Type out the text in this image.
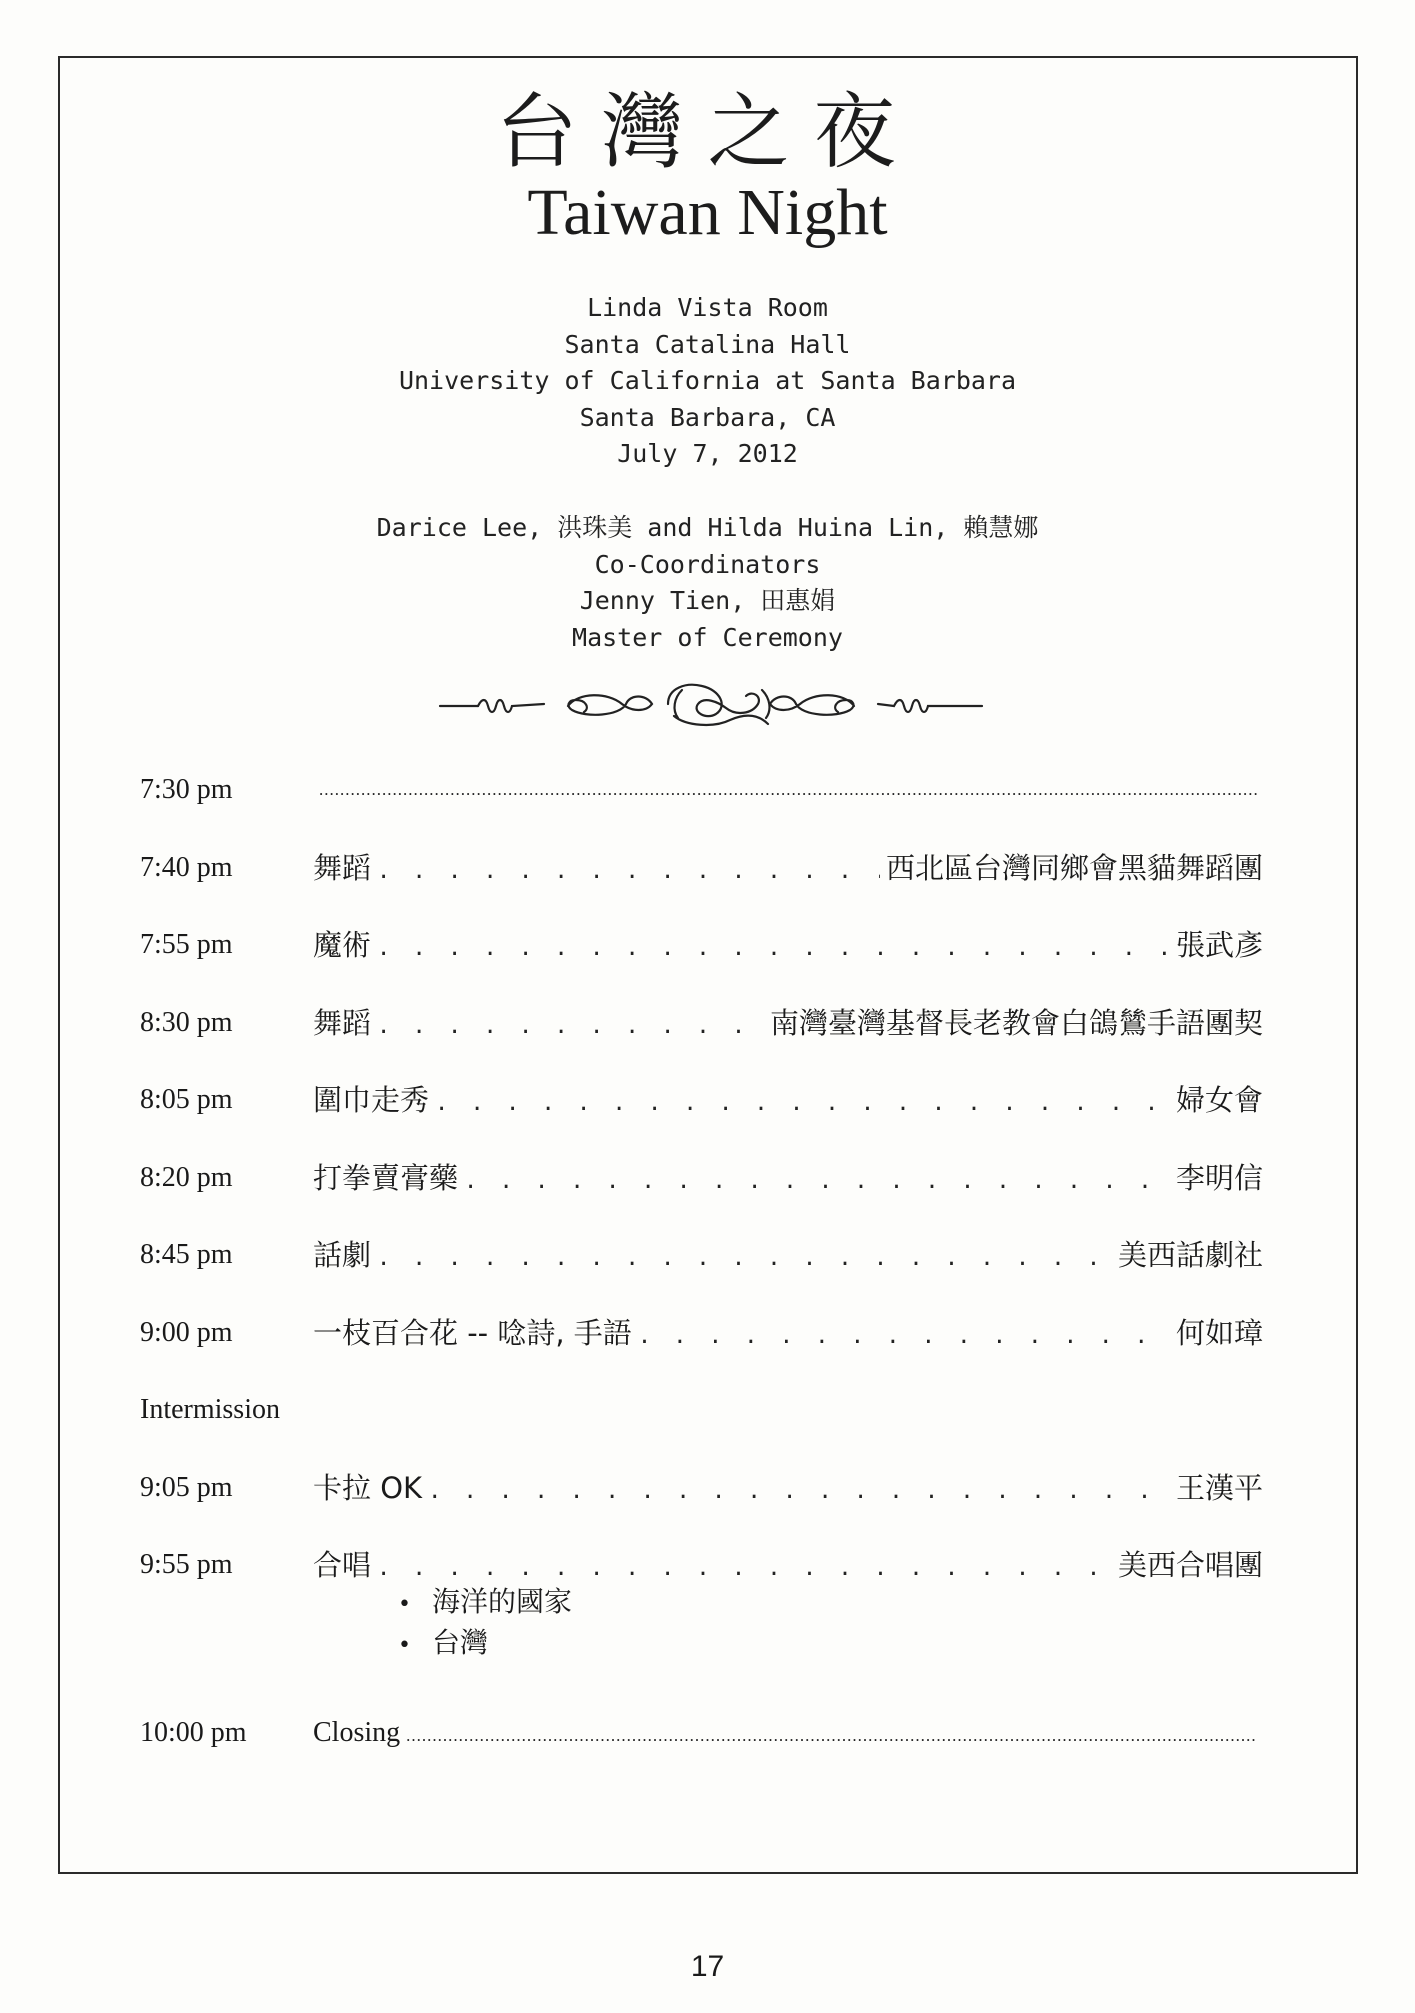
台灣之夜
Taiwan Night
Linda Vista Room
Santa Catalina Hall
University of California at Santa Barbara
Santa Barbara, CA
July 7, 2012
Darice Lee, 洪珠美 and Hilda Huina Lin, 賴慧娜
Co-Coordinators
Jenny Tien, 田惠娟
Master of Ceremony
7:30 pm
.....
7:40 pm	舞蹈 . . .	西北區台灣同鄉會黑貓舞蹈團
7:55 pm	魔術 . . .	張武彥
8:30 pm	舞蹈 . . .	南灣臺灣基督長老教會白鴿鷥手語團契
8:05 pm	圍巾走秀 . . .	婦女會
8:20 pm	打拳賣膏藥 . . .	李明信
8:45 pm	話劇 . . .	美西話劇社
9:00 pm	一枝百合花 -- 唸詩, 手語 . . .	何如璋
Intermission
9:05 pm	卡拉 OK . . .	王漢平
9:55 pm	合唱 . . .	美西合唱團
• 海洋的國家
• 台灣
10:00 pm Closing
.....
17
